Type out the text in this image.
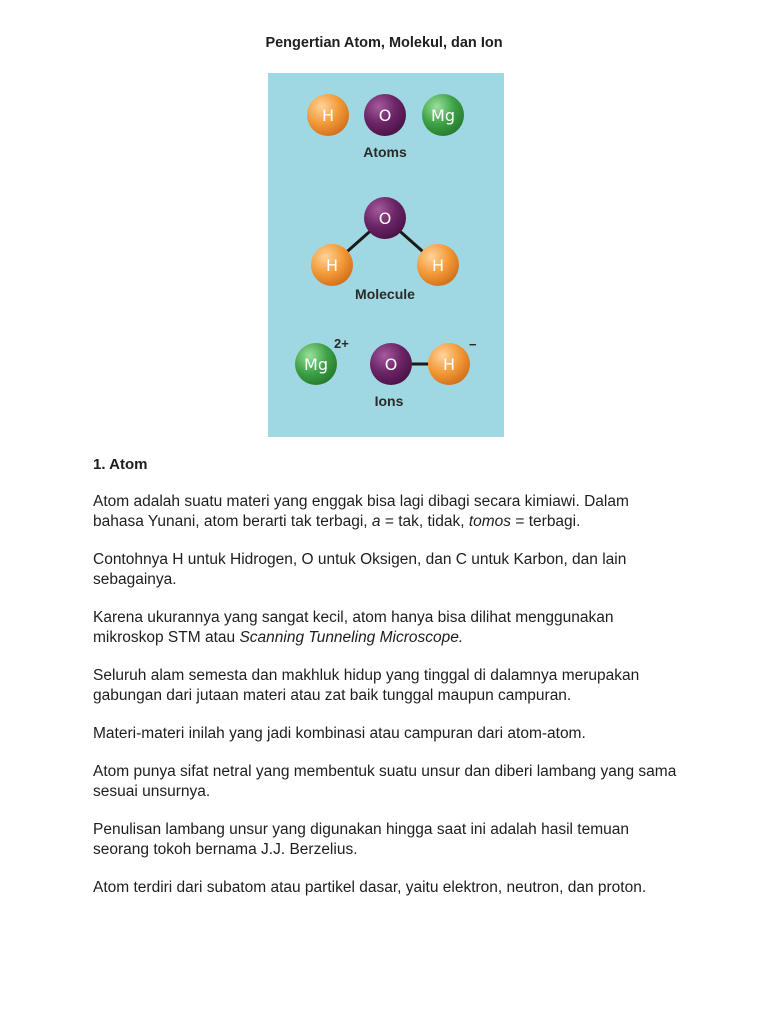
Pengertian Atom, Molekul, dan Ion
H	O Mg
Atoms
O
H	H
Molecule
Mg
2+
O	H
−
Ions
1. Atom

Atom adalah suatu materi yang enggak bisa lagi dibagi secara kimiawi. Dalam bahasa Yunani, atom berarti tak terbagi, a = tak, tidak, tomos = terbagi.

Contohnya H untuk Hidrogen, O untuk Oksigen, dan C untuk Karbon, dan lain sebagainya.

Karena ukurannya yang sangat kecil, atom hanya bisa dilihat menggunakan mikroskop STM atau Scanning Tunneling Microscope.

Seluruh alam semesta dan makhluk hidup yang tinggal di dalamnya merupakan gabungan dari jutaan materi atau zat baik tunggal maupun campuran.

Materi-materi inilah yang jadi kombinasi atau campuran dari atom-atom.

Atom punya sifat netral yang membentuk suatu unsur dan diberi lambang yang sama sesuai unsurnya.

Penulisan lambang unsur yang digunakan hingga saat ini adalah hasil temuan seorang tokoh bernama J.J. Berzelius.

Atom terdiri dari subatom atau partikel dasar, yaitu elektron, neutron, dan proton.
